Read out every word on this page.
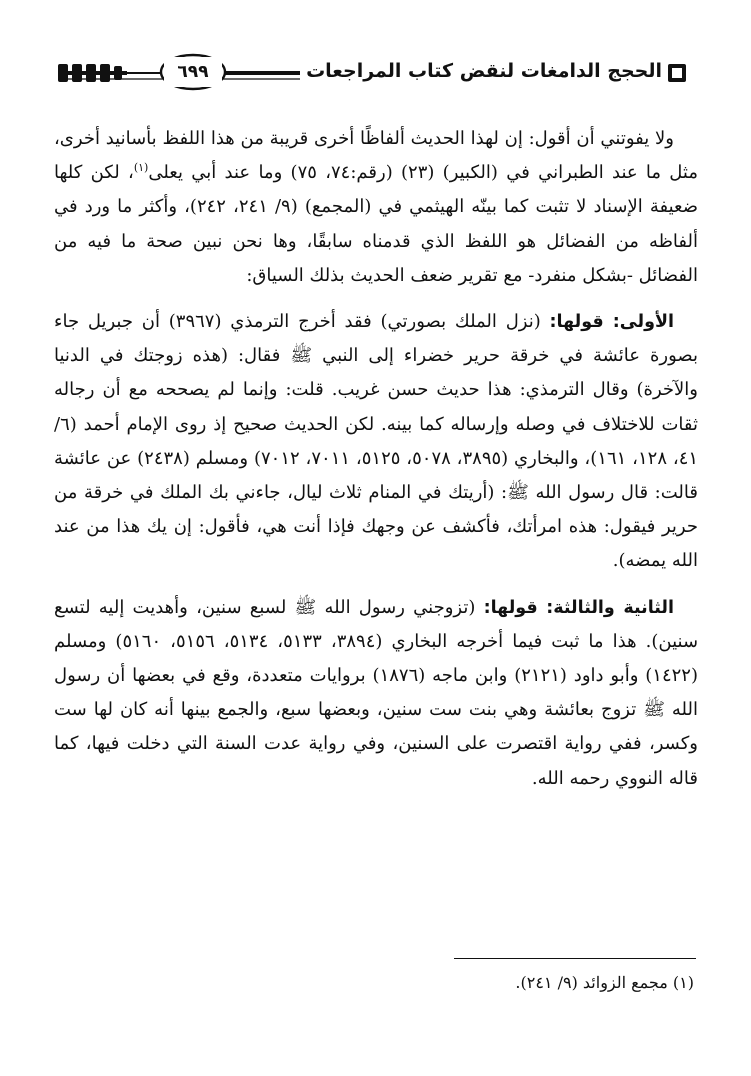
٦٩٩	الحجج الدامغات لنقض كتاب المراجعات

ولا يفوتني أن أقول: إن لهذا الحديث ألفاظًا أخرى قريبة من هذا اللفظ بأسانيد أخرى، مثل ما عند الطبراني في (الكبير) (٢٣) (رقم:٧٤، ٧٥) وما عند أبي يعلى$^{(١)}$، لكن كلها ضعيفة الإسناد لا تثبت كما بينّه الهيثمي في (المجمع) (٩/ ٢٤١، ٢٤٢)، وأكثر ما ورد في ألفاظه من الفضائل هو اللفظ الذي قدمناه سابقًا، وها نحن نبين صحة ما فيه من الفضائل -بشكل منفرد- مع تقرير ضعف الحديث بذلك السياق:

الأولى: قولها: (نزل الملك بصورتي) فقد أخرج الترمذي (٣٩٦٧) أن جبريل جاء بصورة عائشة في خرقة حرير خضراء إلى النبي ﷺ فقال: (هذه زوجتك في الدنيا والآخرة) وقال الترمذي: هذا حديث حسن غريب. قلت: وإنما لم يصححه مع أن رجاله ثقات للاختلاف في وصله وإرساله كما بينه. لكن الحديث صحيح إذ روى الإمام أحمد (٦/ ٤١، ١٢٨، ١٦١)، والبخاري (٣٨٩٥، ٥٠٧٨، ٥١٢٥، ٧٠١١، ٧٠١٢) ومسلم (٢٤٣٨) عن عائشة قالت: قال رسول الله ﷺ: (أريتك في المنام ثلاث ليال، جاءني بك الملك في خرقة من حرير فيقول: هذه امرأتك، فأكشف عن وجهك فإذا أنت هي، فأقول: إن يك هذا من عند الله يمضه).

الثانية والثالثة: قولها: (تزوجني رسول الله ﷺ لسبع سنين، وأهديت إليه لتسع سنين). هذا ما ثبت فيما أخرجه البخاري (٣٨٩٤، ٥١٣٣، ٥١٣٤، ٥١٥٦، ٥١٦٠) ومسلم (١٤٢٢) وأبو داود (٢١٢١) وابن ماجه (١٨٧٦) بروايات متعددة، وقع في بعضها أن رسول الله ﷺ تزوج بعائشة وهي بنت ست سنين، وبعضها سبع، والجمع بينها أنه كان لها ست وكسر، ففي رواية اقتصرت على السنين، وفي رواية عدت السنة التي دخلت فيها، كما قاله النووي رحمه الله.

(١) مجمع الزوائد (٩/ ٢٤١).
